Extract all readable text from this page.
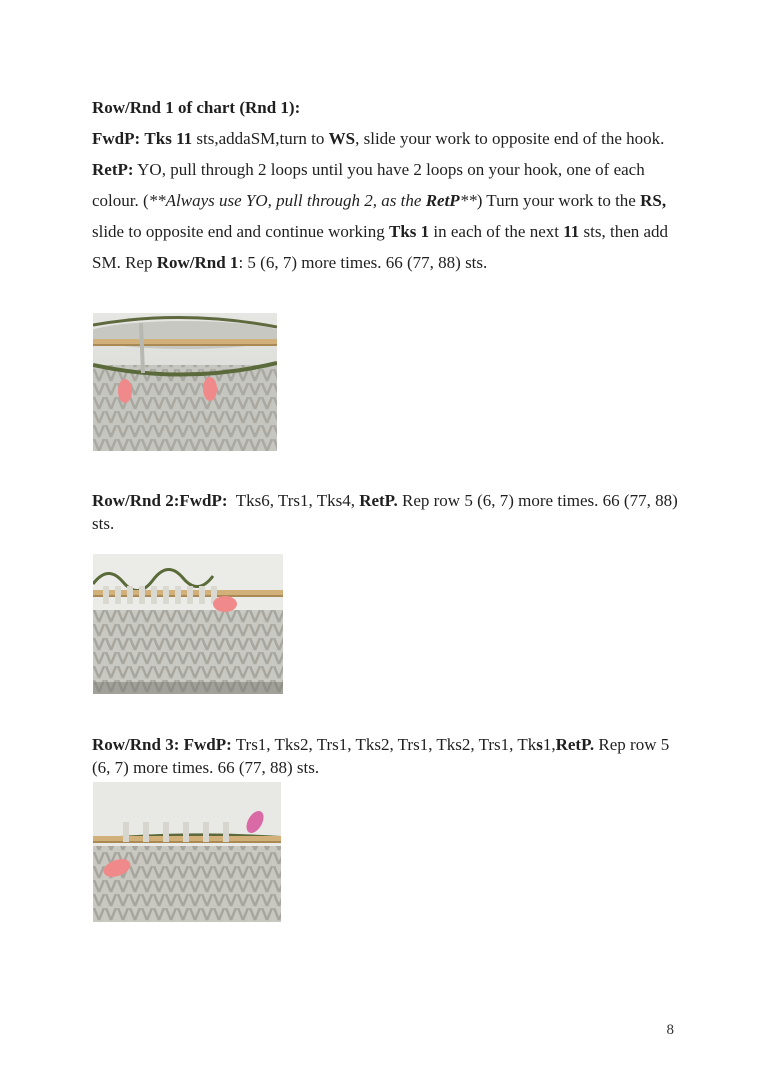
Row/Rnd 1 of chart (Rnd 1):
FwdP: Tks 11 sts,addaSM,turn to WS, slide your work to opposite end of the hook.
RetP: YO, pull through 2 loops until you have 2 loops on your hook, one of each colour. (**Always use YO, pull through 2, as the RetP**) Turn your work to the RS, slide to opposite end and continue working Tks 1 in each of the next 11 sts, then add SM. Rep Row/Rnd 1: 5 (6, 7) more times. 66 (77, 88) sts.
Row/Rnd 2:FwdP:  Tks6, Trs1, Tks4, RetP. Rep row 5 (6, 7) more times. 66 (77, 88) sts.
Row/Rnd 3: FwdP: Trs1, Tks2, Trs1, Tks2, Trs1, Tks2, Trs1, Tks1,RetP. Rep row 5 (6, 7) more times. 66 (77, 88) sts.
8
